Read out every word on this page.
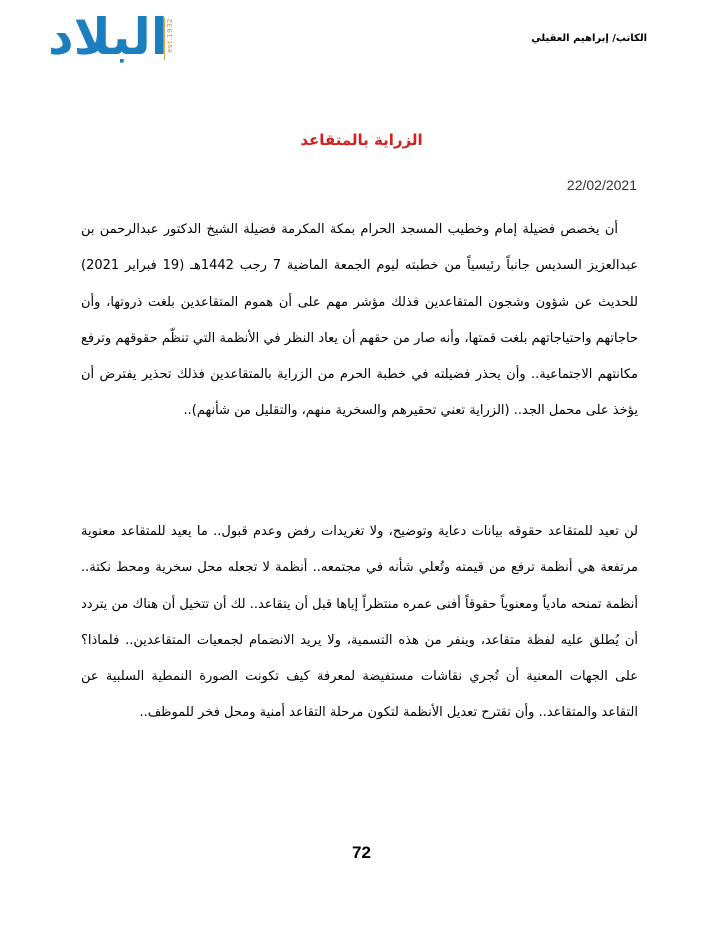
البلاد
est.1932	الكاتب/ إبراهيم العقيلي
الزراية بالمتقاعد
22/02/2021

أن يخصص فضيلة إمام وخطيب المسجد الحرام بمكة المكرمة فضيلة الشيخ الدكتور عبدالرحمن بن عبدالعزيز السديس جانباً رئيسياً من خطبته ليوم الجمعة الماضية 7 رجب 1442هـ (19 فبراير 2021) للحديث عن شؤون وشجون المتقاعدين فذلك مؤشر مهم على أن هموم المتقاعدين بلغت ذروتها، وأن حاجاتهم واحتياجاتهم بلغت قمتها، وأنه صار من حقهم أن يعاد النظر في الأنظمة التي تنظّم حقوقهم وترفع مكانتهم الاجتماعية.. وأن يحذر فضيلته في خطبة الحرم من الزراية بالمتقاعدين فذلك تحذير يفترض أن يؤخذ على محمل الجد.. (الزراية تعني تحقيرهم والسخرية منهم، والتقليل من شأنهم)..

لن تعيد للمتقاعد حقوقه بيانات دعاية وتوضيح، ولا تغريدات رفض وعدم قبول.. ما يعيد للمتقاعد معنوية مرتفعة هي أنظمة ترفع من قيمته وتُعلي شأنه في مجتمعه.. أنظمة لا تجعله محل سخرية ومحط نكتة.. أنظمة تمنحه مادياً ومعنوياً حقوقاً أفنى عمره منتظراً إياها قبل أن يتقاعد.. لك أن تتخيل أن هناك من يتردد أن يُطلق عليه لفظة متقاعد، وينفر من هذه التسمية، ولا يريد الانضمام لجمعيات المتقاعدين.. فلماذا؟ على الجهات المعنية أن تُجري نقاشات مستفيضة لمعرفة كيف تكونت الصورة النمطية السلبية عن التقاعد والمتقاعد.. وأن تقترح تعديل الأنظمة لتكون مرحلة التقاعد أمنية ومحل فخر للموظف..

72
